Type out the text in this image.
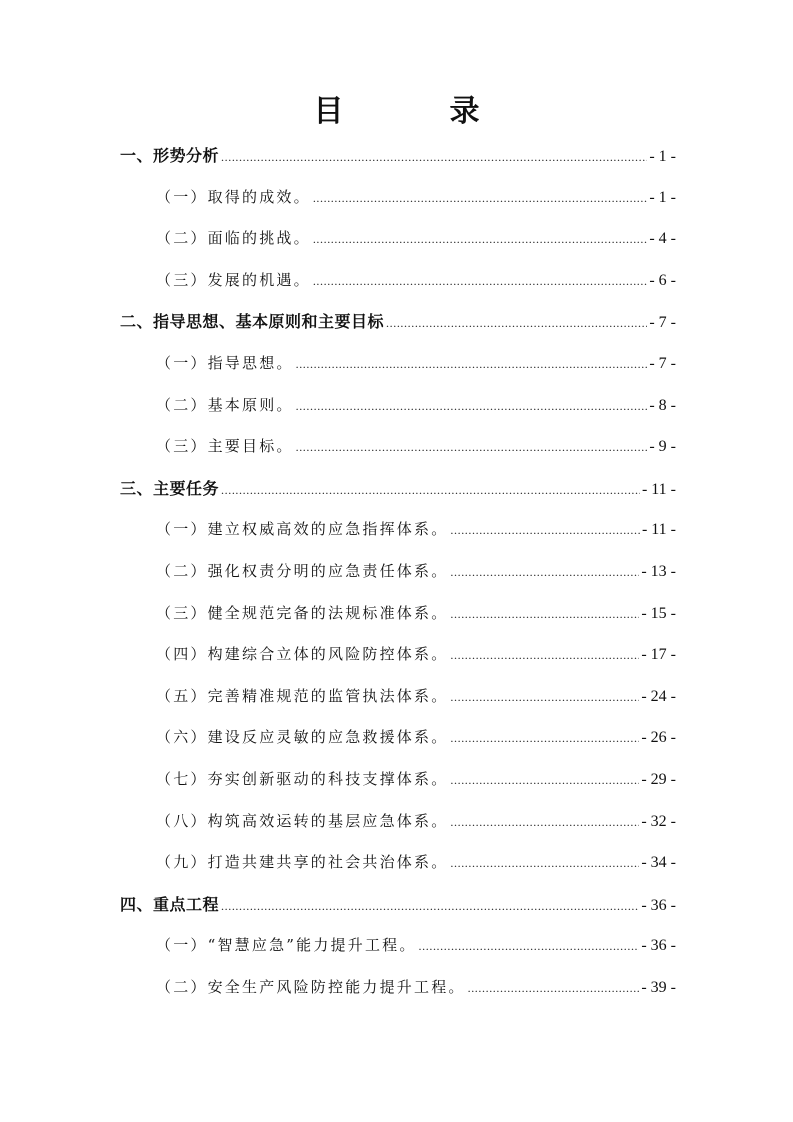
目　录
一、形势分析 .....	- 1 -
（一）取得的成效。 .....	- 1 -
（二）面临的挑战。 .....	- 4 -
（三）发展的机遇。 .....	- 6 -
二、指导思想、基本原则和主要目标 .....	- 7 -
（一）指导思想。 .....	- 7 -
（二）基本原则。 .....	- 8 -
（三）主要目标。 .....	- 9 -
三、主要任务 .....	- 11 -
（一）建立权威高效的应急指挥体系。 .....	- 11 -
（二）强化权责分明的应急责任体系。 .....	- 13 -
（三）健全规范完备的法规标准体系。 .....	- 15 -
（四）构建综合立体的风险防控体系。 .....	- 17 -
（五）完善精准规范的监管执法体系。 .....	- 24 -
（六）建设反应灵敏的应急救援体系。 .....	- 26 -
（七）夯实创新驱动的科技支撑体系。 .....	- 29 -
（八）构筑高效运转的基层应急体系。 .....	- 32 -
（九）打造共建共享的社会共治体系。 .....	- 34 -
四、重点工程 .....	- 36 -
（一）“智慧应急”能力提升工程。 .....	- 36 -
（二）安全生产风险防控能力提升工程。 .....	- 39 -
